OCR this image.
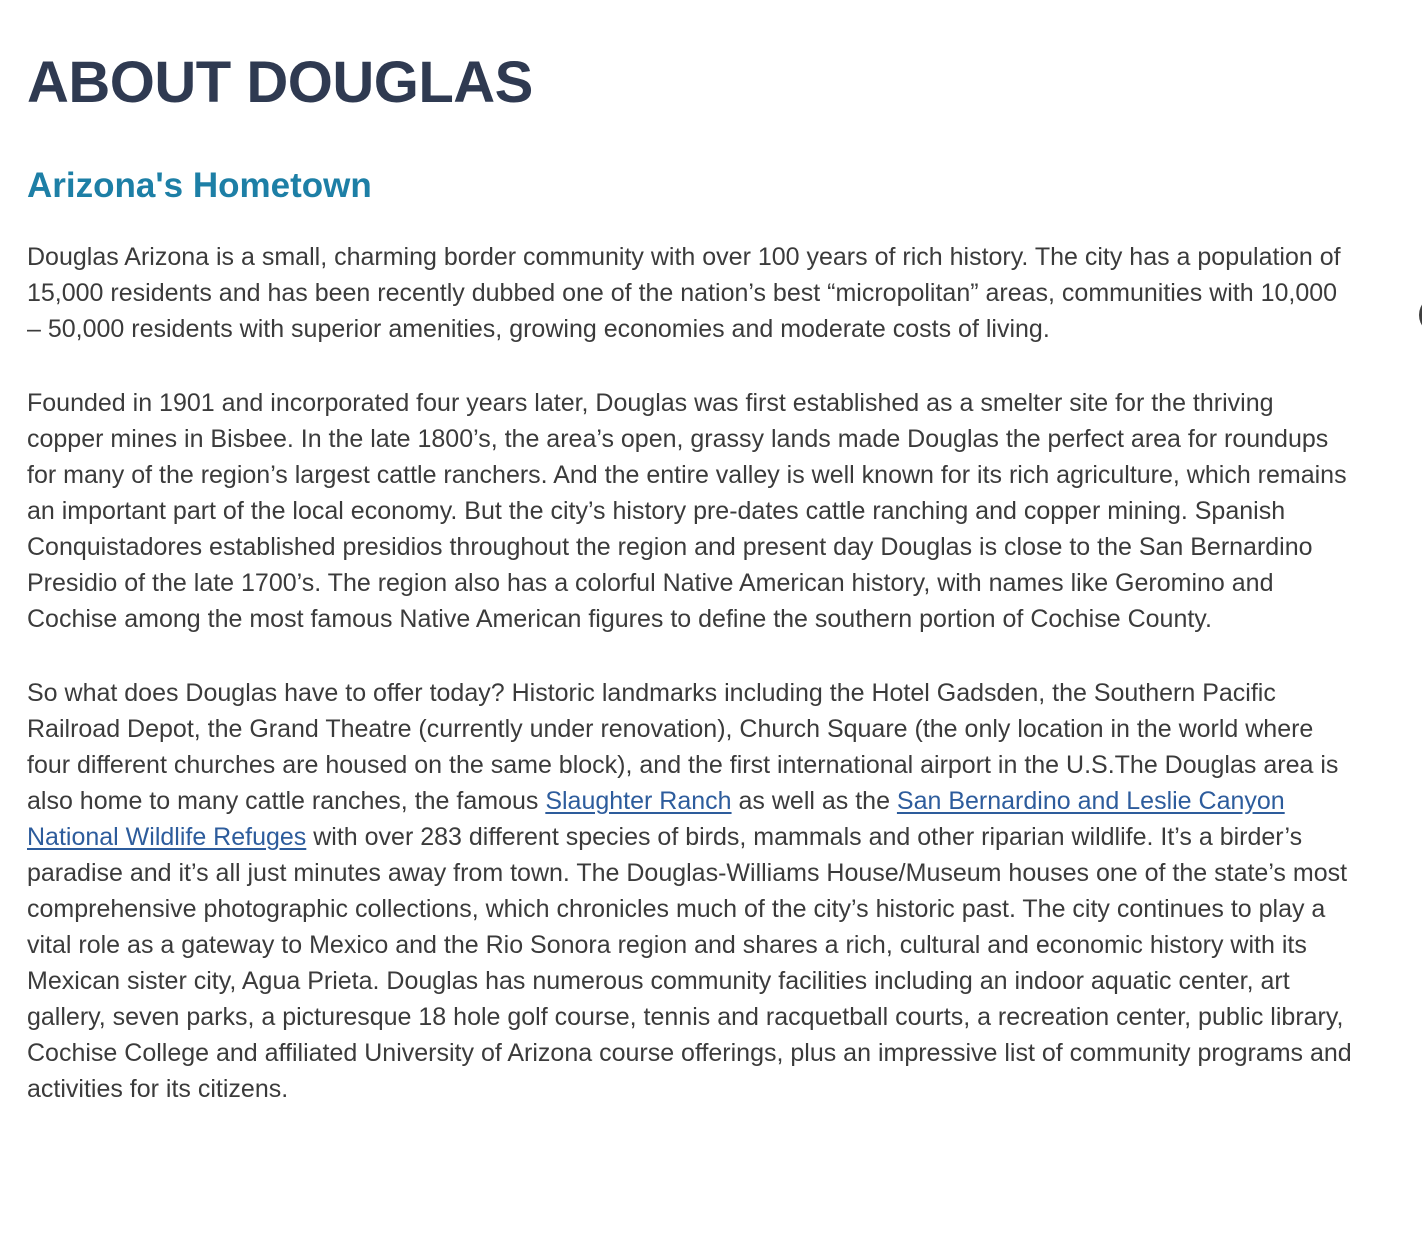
ABOUT DOUGLAS
Arizona's Hometown

Douglas Arizona is a small, charming border community with over 100 years of rich history. The city has a population of 15,000 residents and has been recently dubbed one of the nation’s best “micropolitan” areas, communities with 10,000 – 50,000 residents with superior amenities, growing economies and moderate costs of living.

Founded in 1901 and incorporated four years later, Douglas was first established as a smelter site for the thriving copper mines in Bisbee. In the late 1800’s, the area’s open, grassy lands made Douglas the perfect area for roundups for many of the region’s largest cattle ranchers. And the entire valley is well known for its rich agriculture, which remains an important part of the local economy. But the city’s history pre-dates cattle ranching and copper mining. Spanish Conquistadores established presidios throughout the region and present day Douglas is close to the San Bernardino Presidio of the late 1700’s. The region also has a colorful Native American history, with names like Geromino and Cochise among the most famous Native American figures to define the southern portion of Cochise County.

So what does Douglas have to offer today? Historic landmarks including the Hotel Gadsden, the Southern Pacific Railroad Depot, the Grand Theatre (currently under renovation), Church Square (the only location in the world where four different churches are housed on the same block), and the first international airport in the U.S.The Douglas area is also home to many cattle ranches, the famous Slaughter Ranch as well as the San Bernardino and Leslie Canyon National Wildlife Refuges with over 283 different species of birds, mammals and other riparian wildlife. It’s a birder’s paradise and it’s all just minutes away from town. The Douglas-Williams House/Museum houses one of the state’s most comprehensive photographic collections, which chronicles much of the city’s historic past. The city continues to play a vital role as a gateway to Mexico and the Rio Sonora region and shares a rich, cultural and economic history with its Mexican sister city, Agua Prieta. Douglas has numerous community facilities including an indoor aquatic center, art gallery, seven parks, a picturesque 18 hole golf course, tennis and racquetball courts, a recreation center, public library, Cochise College and affiliated University of Arizona course offerings, plus an impressive list of community programs and activities for its citizens.
